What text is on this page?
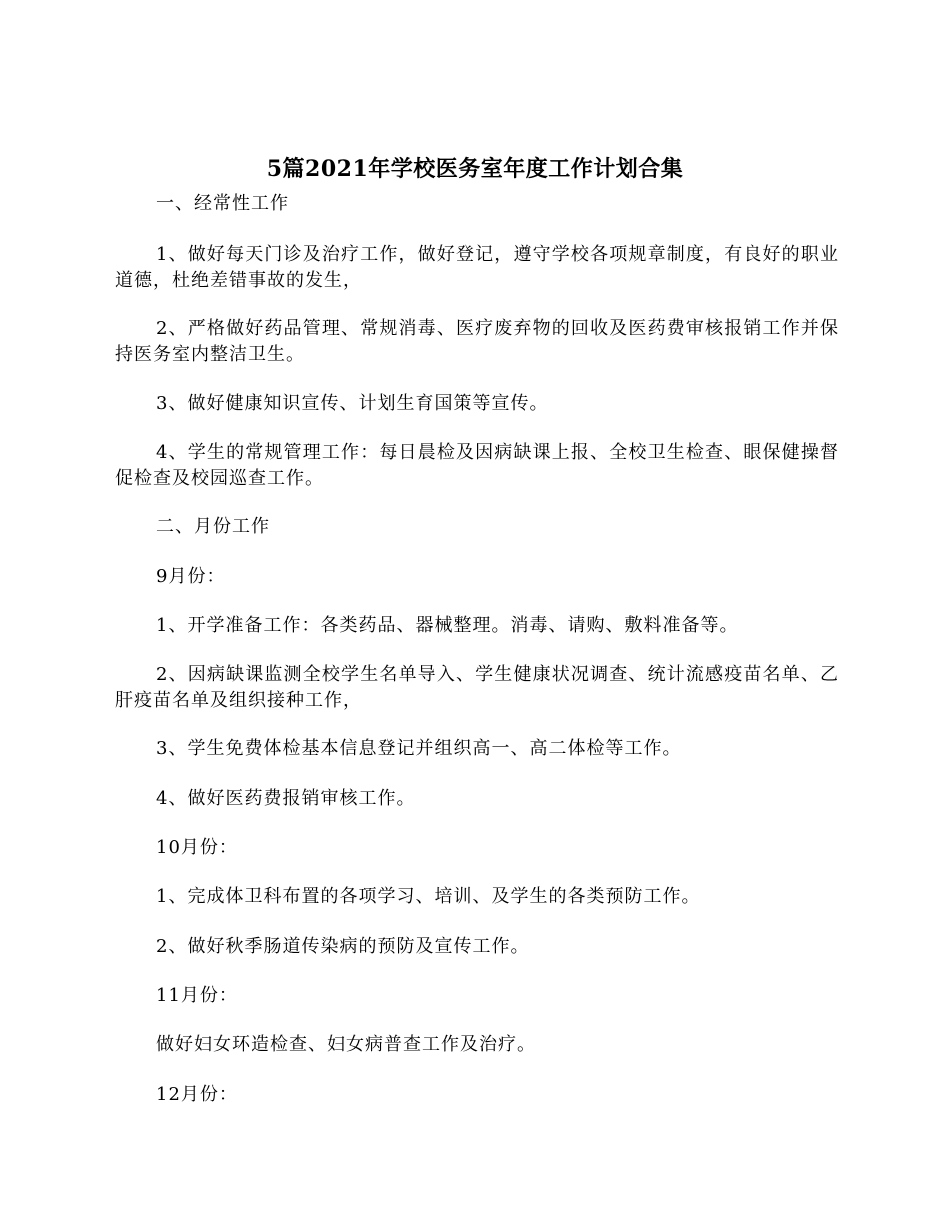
5篇2021年学校医务室年度工作计划合集

一、经常性工作

1、做好每天门诊及治疗工作，做好登记，遵守学校各项规章制度，有良好的职业道德，杜绝差错事故的发生，

2、严格做好药品管理、常规消毒、医疗废弃物的回收及医药费审核报销工作并保持医务室内整洁卫生。

3、做好健康知识宣传、计划生育国策等宣传。

4、学生的常规管理工作：每日晨检及因病缺课上报、全校卫生检查、眼保健操督促检查及校园巡查工作。

二、月份工作

9月份：

1、开学准备工作：各类药品、器械整理。消毒、请购、敷料准备等。

2、因病缺课监测全校学生名单导入、学生健康状况调查、统计流感疫苗名单、乙肝疫苗名单及组织接种工作，

3、学生免费体检基本信息登记并组织高一、高二体检等工作。

4、做好医药费报销审核工作。

10月份：

1、完成体卫科布置的各项学习、培训、及学生的各类预防工作。

2、做好秋季肠道传染病的预防及宣传工作。

11月份：

做好妇女环造检查、妇女病普查工作及治疗。

12月份：
